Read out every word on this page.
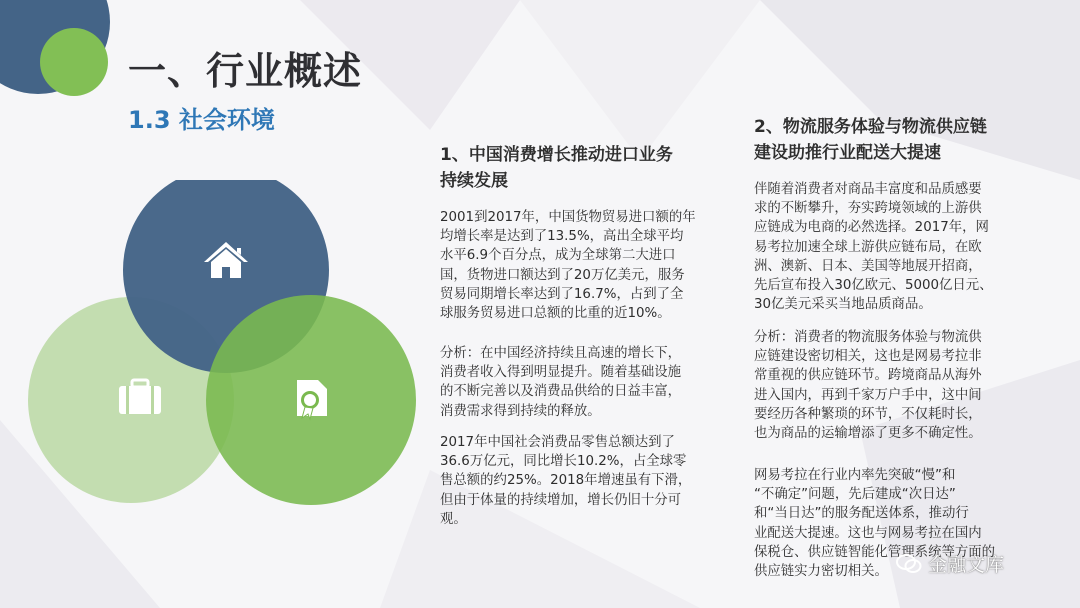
一、行业概述
1.3 社会环境
1、中国消费增长推动进口业务
持续发展
2001到2017年，中国货物贸易进口额的年
均增长率是达到了13.5%，高出全球平均
水平6.9个百分点，成为全球第二大进口
国，货物进口额达到了20万亿美元，服务
贸易同期增长率达到了16.7%，占到了全
球服务贸易进口总额的比重的近10%。
分析：在中国经济持续且高速的增长下，
消费者收入得到明显提升。随着基础设施
的不断完善以及消费品供给的日益丰富，
消费需求得到持续的释放。
2017年中国社会消费品零售总额达到了
36.6万亿元，同比增长10.2%，占全球零
售总额的约25%。2018年增速虽有下滑，
但由于体量的持续增加，增长仍旧十分可
观。
2、物流服务体验与物流供应链
建设助推行业配送大提速
伴随着消费者对商品丰富度和品质感要
求的不断攀升，夯实跨境领域的上游供
应链成为电商的必然选择。2017年，网
易考拉加速全球上游供应链布局，在欧
洲、澳新、日本、美国等地展开招商，
先后宣布投入30亿欧元、5000亿日元、
30亿美元采买当地品质商品。
分析：消费者的物流服务体验与物流供
应链建设密切相关，这也是网易考拉非
常重视的供应链环节。跨境商品从海外
进入国内，再到千家万户手中，这中间
要经历各种繁琐的环节，不仅耗时长，
也为商品的运输增添了更多不确定性。
网易考拉在行业内率先突破“慢”和
“不确定”问题，先后建成“次日达”
和“当日达”的服务配送体系，推动行
业配送大提速。这也与网易考拉在国内
保税仓、供应链智能化管理系统等方面的
供应链实力密切相关。	金融文库
